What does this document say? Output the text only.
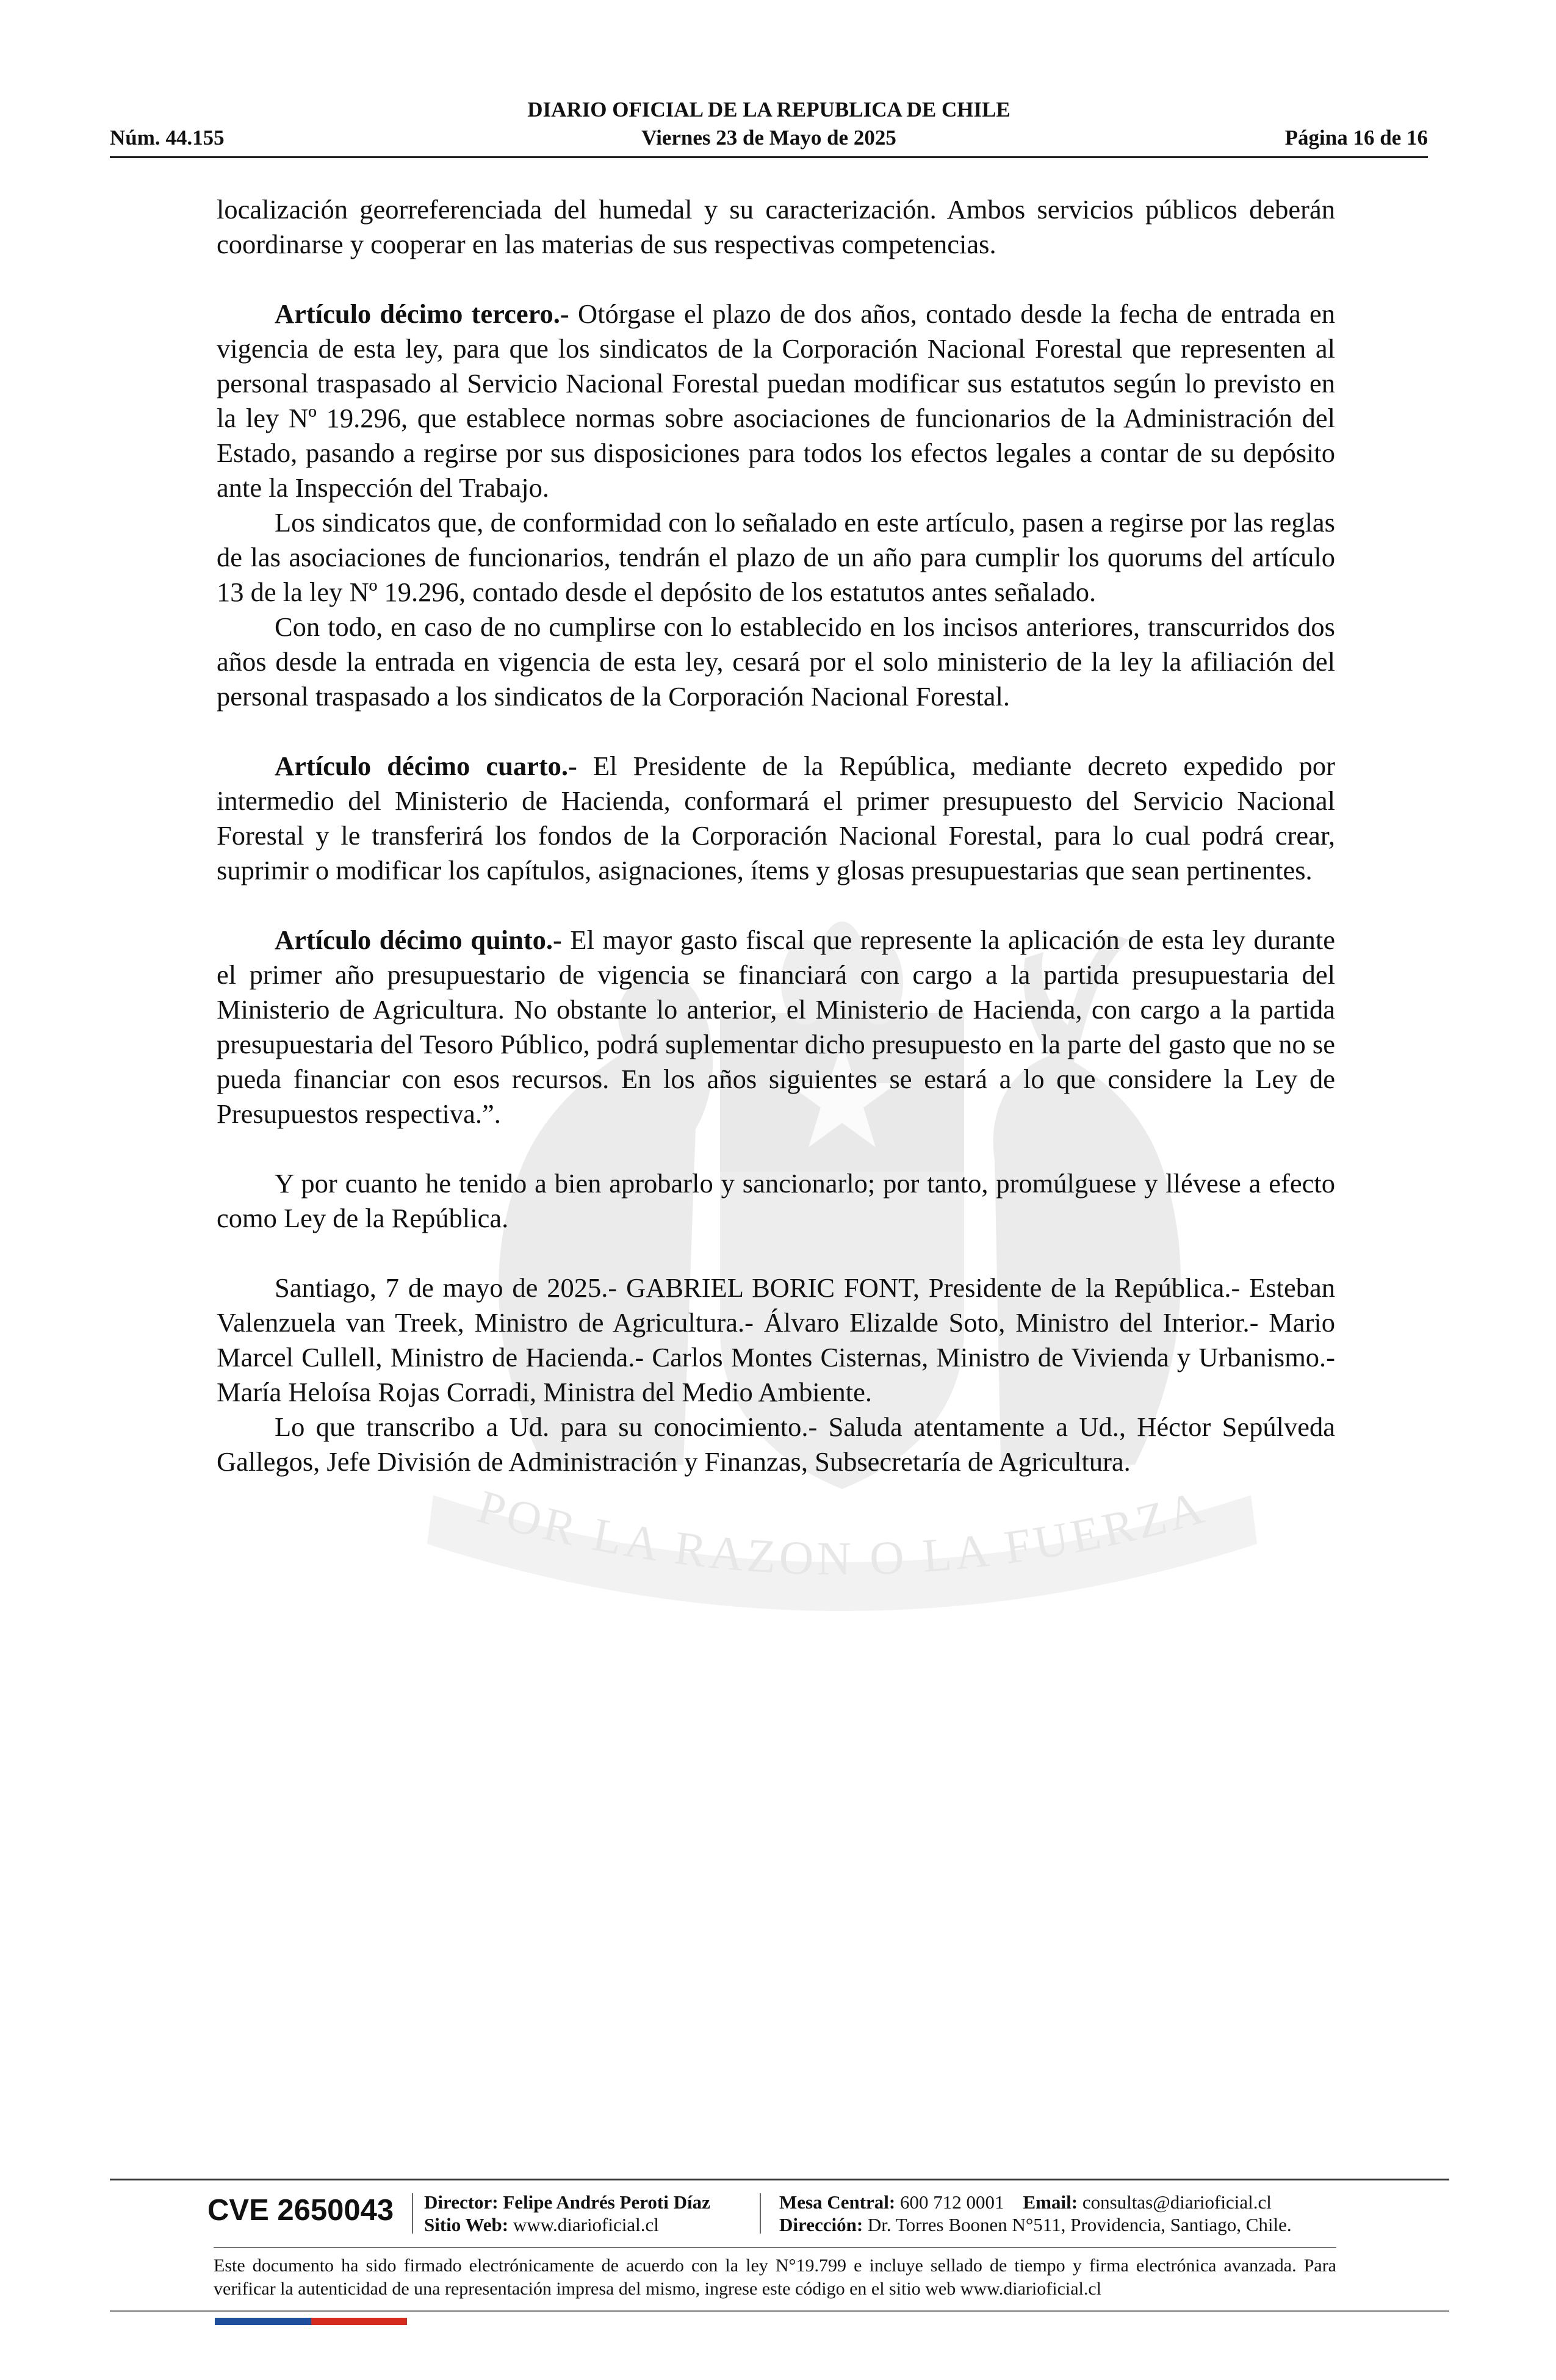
DIARIO OFICIAL DE LA REPUBLICA DE CHILE
Núm. 44.155	Viernes 23 de Mayo de 2025	Página 16 de 16
POR LA RAZON O LA FUERZA

localización georreferenciada del humedal y su caracterización. Ambos servicios públicos deberán coordinarse y cooperar en las materias de sus respectivas competencias.

Artículo décimo tercero.- Otórgase el plazo de dos años, contado desde la fecha de entrada en vigencia de esta ley, para que los sindicatos de la Corporación Nacional Forestal que representen al personal traspasado al Servicio Nacional Forestal puedan modificar sus estatutos según lo previsto en la ley Nº 19.296, que establece normas sobre asociaciones de funcionarios de la Administración del Estado, pasando a regirse por sus disposiciones para todos los efectos legales a contar de su depósito ante la Inspección del Trabajo.

Los sindicatos que, de conformidad con lo señalado en este artículo, pasen a regirse por las reglas de las asociaciones de funcionarios, tendrán el plazo de un año para cumplir los quorums del artículo 13 de la ley Nº 19.296, contado desde el depósito de los estatutos antes señalado.

Con todo, en caso de no cumplirse con lo establecido en los incisos anteriores, transcurridos dos años desde la entrada en vigencia de esta ley, cesará por el solo ministerio de la ley la afiliación del personal traspasado a los sindicatos de la Corporación Nacional Forestal.

Artículo décimo cuarto.- El Presidente de la República, mediante decreto expedido por intermedio del Ministerio de Hacienda, conformará el primer presupuesto del Servicio Nacional Forestal y le transferirá los fondos de la Corporación Nacional Forestal, para lo cual podrá crear, suprimir o modificar los capítulos, asignaciones, ítems y glosas presupuestarias que sean pertinentes.

Artículo décimo quinto.- El mayor gasto fiscal que represente la aplicación de esta ley durante el primer año presupuestario de vigencia se financiará con cargo a la partida presupuestaria del Ministerio de Agricultura. No obstante lo anterior, el Ministerio de Hacienda, con cargo a la partida presupuestaria del Tesoro Público, podrá suplementar dicho presupuesto en la parte del gasto que no se pueda financiar con esos recursos. En los años siguientes se estará a lo que considere la Ley de Presupuestos respectiva.”.

Y por cuanto he tenido a bien aprobarlo y sancionarlo; por tanto, promúlguese y llévese a efecto como Ley de la República.

Santiago, 7 de mayo de 2025.- GABRIEL BORIC FONT, Presidente de la República.- Esteban Valenzuela van Treek, Ministro de Agricultura.- Álvaro Elizalde Soto, Ministro del Interior.- Mario Marcel Cullell, Ministro de Hacienda.- Carlos Montes Cisternas, Ministro de Vivienda y Urbanismo.- María Heloísa Rojas Corradi, Ministra del Medio Ambiente.

Lo que transcribo a Ud. para su conocimiento.- Saluda atentamente a Ud., Héctor Sepúlveda Gallegos, Jefe División de Administración y Finanzas, Subsecretaría de Agricultura.

CVE 2650043 Director: Felipe Andrés Peroti Díaz
Sitio Web: www.diarioficial.cl
Mesa Central: 600 712 0001 Email: consultas@diarioficial.cl
Dirección: Dr. Torres Boonen N°511, Providencia, Santiago, Chile.
Este documento ha sido firmado electrónicamente de acuerdo con la ley N°19.799 e incluye sellado de tiempo y firma electrónica avanzada. Para verificar la autenticidad de una representación impresa del mismo, ingrese este código en el sitio web www.diarioficial.cl
